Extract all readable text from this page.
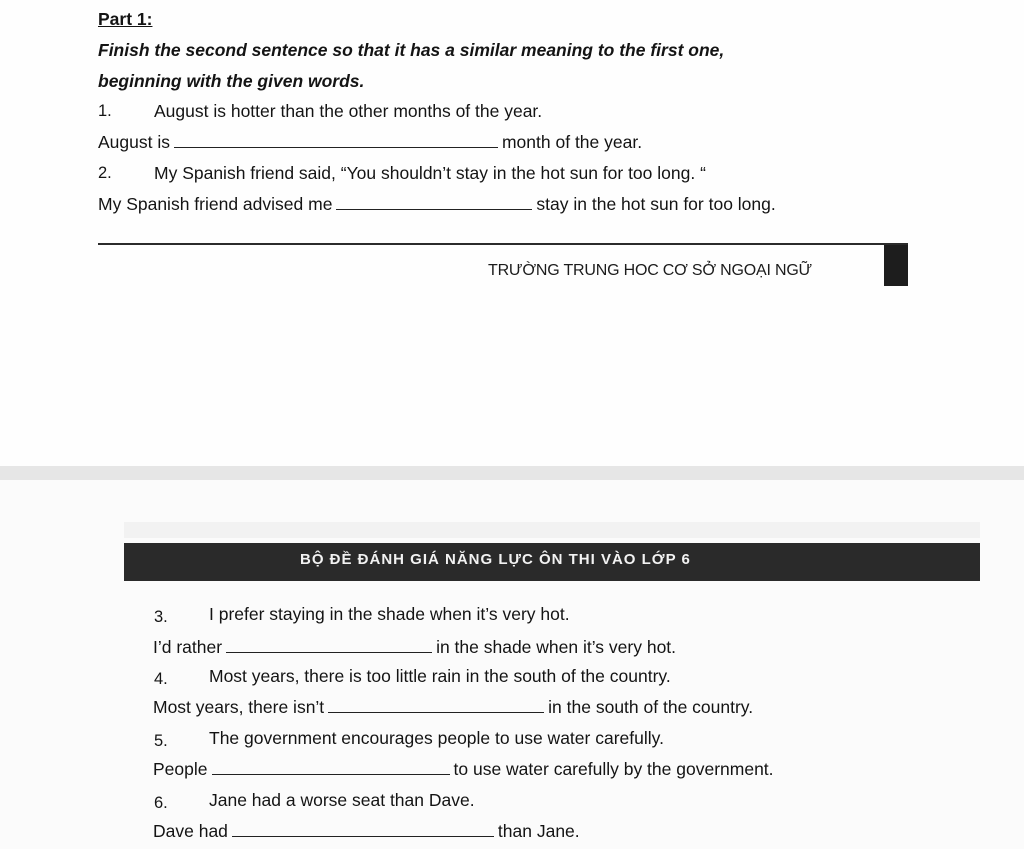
Part 1:
Finish the second sentence so that it has a similar meaning to the first one,
beginning with the given words.
1. August is hotter than the other months of the year.
August is	month of the year.
2. My Spanish friend said, “You shouldn’t stay in the hot sun for too long. “
My Spanish friend advised me	stay in the hot sun for too long.
TRƯỜNG TRUNG HOC CƠ SỞ NGOẠI NGỮ
BỘ ĐỀ ĐÁNH GIÁ NĂNG LỰC ÔN THI VÀO LỚP 6
3. I prefer staying in the shade when it’s very hot.
I’d rather	in the shade when it’s very hot.
4. Most years, there is too little rain in the south of the country.
Most years, there isn’t	in the south of the country.
5. The government encourages people to use water carefully.
People	to use water carefully by the government.
6. Jane had a worse seat than Dave.
Dave had	than Jane.
